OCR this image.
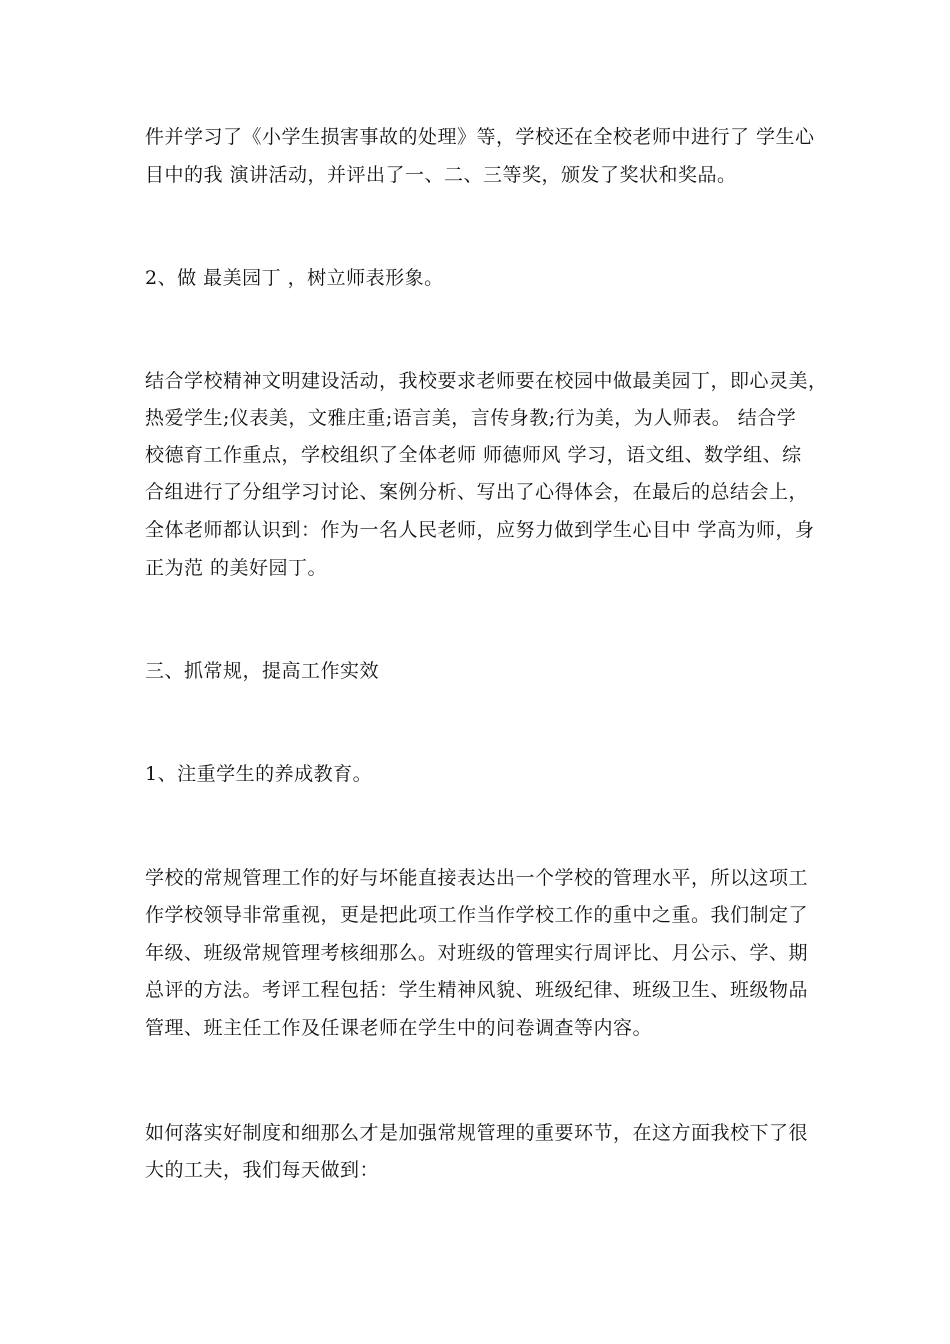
件并学习了《小学生损害事故的处理》等，学校还在全校老师中进行了 学生心
目中的我 演讲活动，并评出了一、二、三等奖，颁发了奖状和奖品。
2、做 最美园丁 ，树立师表形象。
结合学校精神文明建设活动，我校要求老师要在校园中做最美园丁，即心灵美，
热爱学生;仪表美，文雅庄重;语言美，言传身教;行为美，为人师表。 结合学
校德育工作重点，学校组织了全体老师 师德师风 学习，语文组、数学组、综
合组进行了分组学习讨论、案例分析、写出了心得体会，在最后的总结会上，
全体老师都认识到：作为一名人民老师，应努力做到学生心目中 学高为师，身
正为范 的美好园丁。
三、抓常规，提高工作实效
1、注重学生的养成教育。
学校的常规管理工作的好与坏能直接表达出一个学校的管理水平，所以这项工
作学校领导非常重视，更是把此项工作当作学校工作的重中之重。我们制定了
年级、班级常规管理考核细那么。对班级的管理实行周评比、月公示、学、期
总评的方法。考评工程包括：学生精神风貌、班级纪律、班级卫生、班级物品
管理、班主任工作及任课老师在学生中的问卷调查等内容。
如何落实好制度和细那么才是加强常规管理的重要环节，在这方面我校下了很
大的工夫，我们每天做到：
